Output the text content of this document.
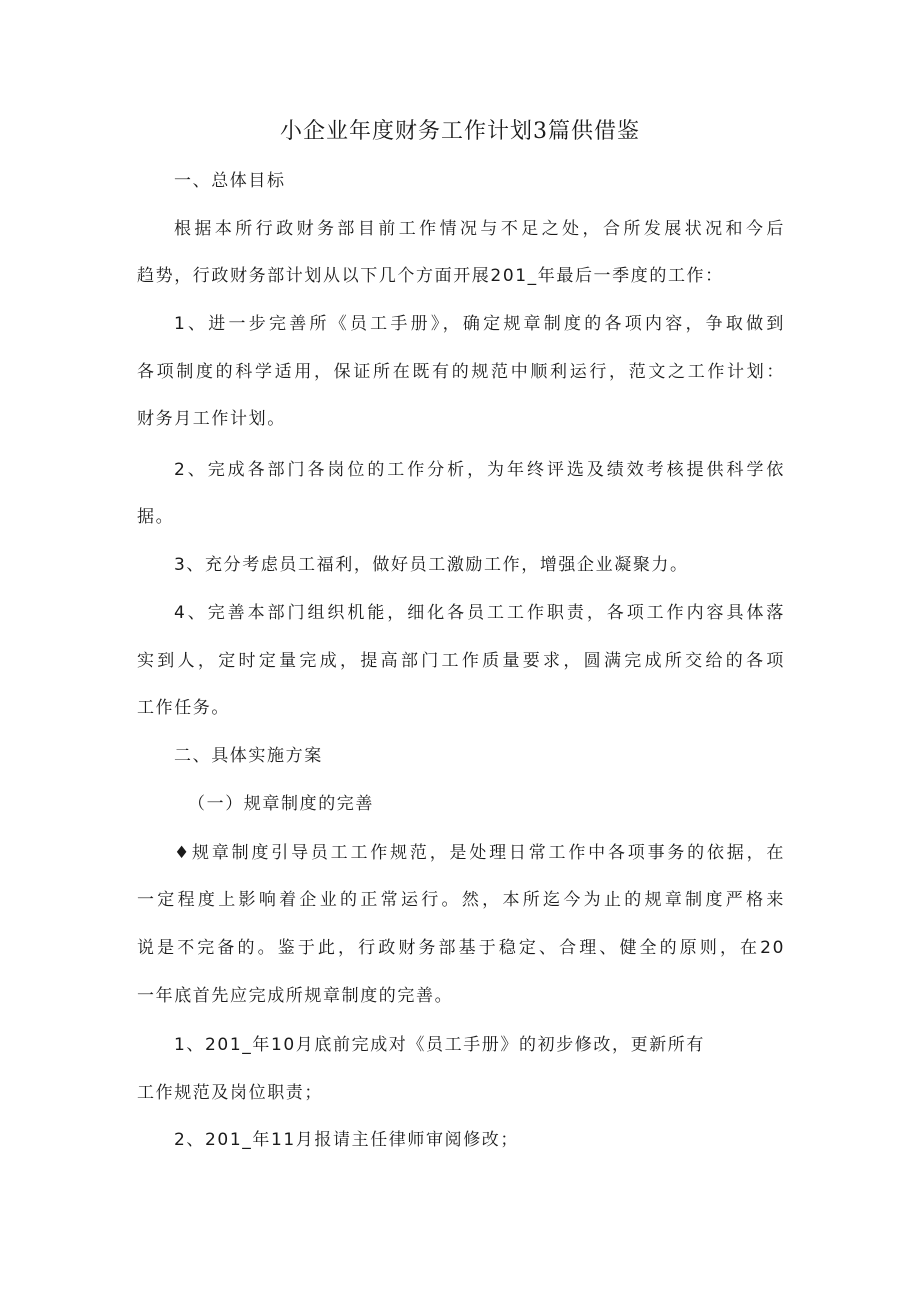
小企业年度财务工作计划3篇供借鉴
一、总体目标
根据本所行政财务部目前工作情况与不足之处，合所发展状况和今后
趋势，行政财务部计划从以下几个方面开展201_年最后一季度的工作：
1、进一步完善所《员工手册》，确定规章制度的各项内容，争取做到
各项制度的科学适用，保证所在既有的规范中顺利运行，范文之工作计划：
财务月工作计划。
2、完成各部门各岗位的工作分析，为年终评选及绩效考核提供科学依
据。
3、充分考虑员工福利，做好员工激励工作，增强企业凝聚力。
4、完善本部门组织机能，细化各员工工作职责，各项工作内容具体落
实到人，定时定量完成，提高部门工作质量要求，圆满完成所交给的各项
工作任务。
二、具体实施方案
（一）规章制度的完善
♦规章制度引导员工工作规范，是处理日常工作中各项事务的依据，在
一定程度上影响着企业的正常运行。然，本所迄今为止的规章制度严格来
说是不完备的。鉴于此，行政财务部基于稳定、合理、健全的原则，在20
一年底首先应完成所规章制度的完善。
1、201_年10月底前完成对《员工手册》的初步修改，更新所有
工作规范及岗位职责；
2、201_年11月报请主任律师审阅修改；
